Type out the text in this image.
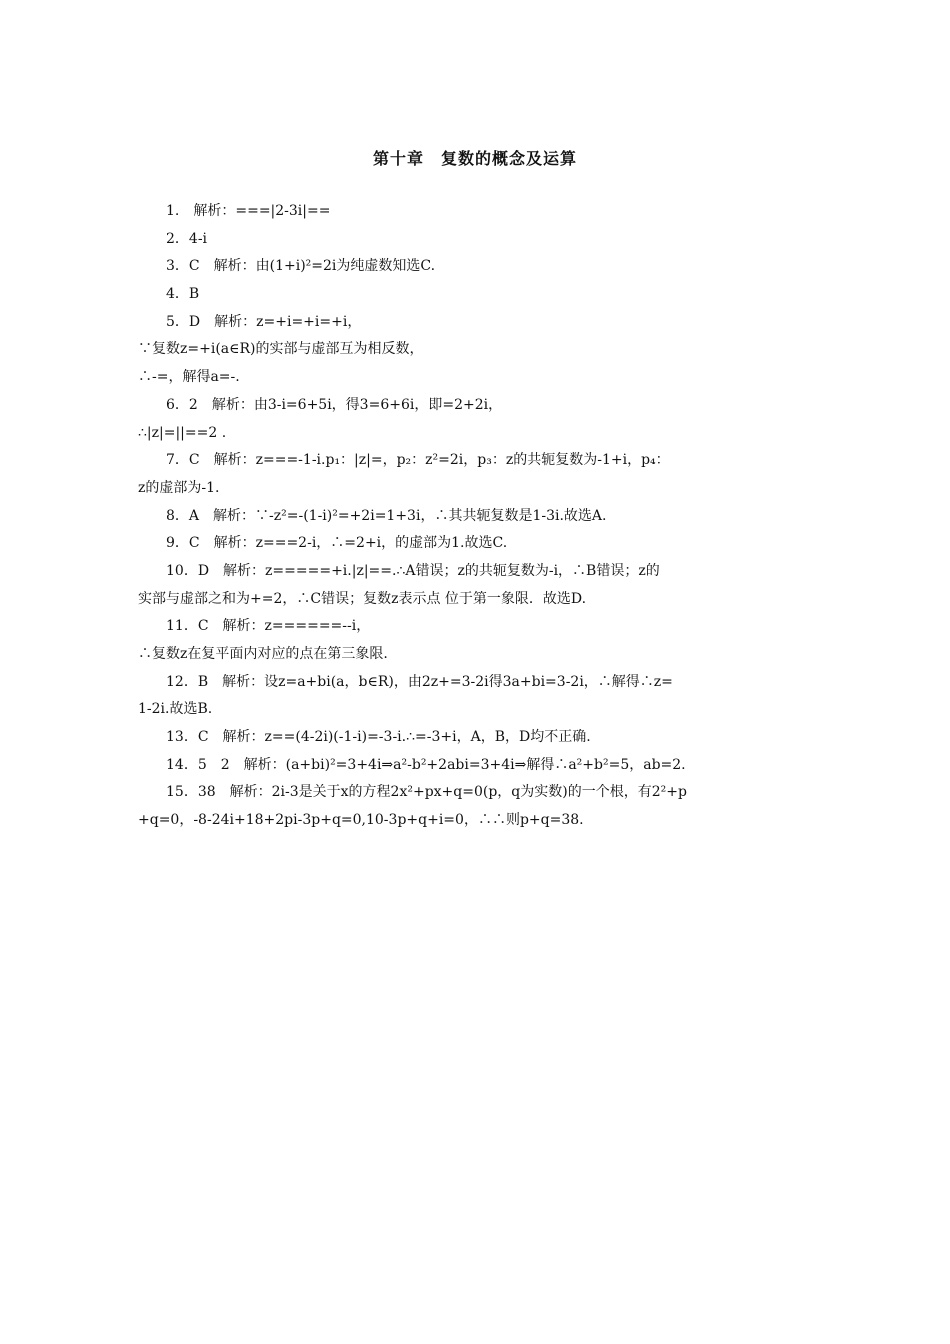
第十章　复数的概念及运算
1.　解析：===|2-3i|==
2．4-i
3．C　解析：由(1+i)²=2i为纯虚数知选C.
4．B
5．D　解析：z=+i=+i=+i，
∵复数z=+i(a∈R)的实部与虚部互为相反数，
∴-=，解得a=-.
6．2　解析：由3-i=6+5i，得3=6+6i，即=2+2i，
∴|z|=||==2 .
7．C　解析：z===-1-i.p₁：|z|=，p₂：z²=2i，p₃：z的共轭复数为-1+i，p₄：
z的虚部为-1.
8．A　解析：∵-z²=-(1-i)²=+2i=1+3i，∴其共轭复数是1-3i.故选A.
9．C　解析：z===2-i，∴=2+i，的虚部为1.故选C.
10．D　解析：z=====+i.|z|==.∴A错误；z的共轭复数为-i，∴B错误；z的
实部与虚部之和为+=2，∴C错误；复数z表示点 位于第一象限．故选D.
11．C　解析：z======--i，
∴复数z在复平面内对应的点在第三象限.
12．B　解析：设z=a+bi(a，b∈R)，由2z+=3-2i得3a+bi=3-2i，∴解得∴z=
1-2i.故选B.
13．C　解析：z==(4-2i)(-1-i)=-3-i.∴=-3+i，A，B，D均不正确.
14．5　2　解析：(a+bi)²=3+4i⇒a²-b²+2abi=3+4i⇒解得∴a²+b²=5，ab=2.
15．38　解析：2i-3是关于x的方程2x²+px+q=0(p，q为实数)的一个根，有2²+p
+q=0，-8-24i+18+2pi-3p+q=0,10-3p+q+i=0，∴∴则p+q=38.
